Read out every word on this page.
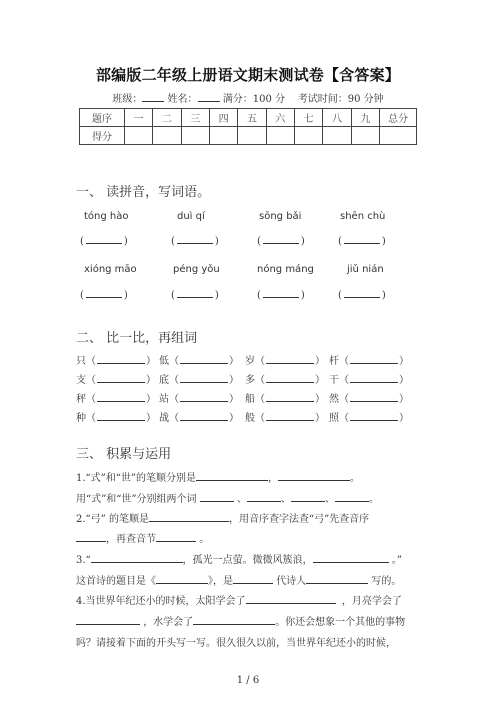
部编版二年级上册语文期末测试卷【含答案】
班级：	姓名：	满分：100 分 考试时间：90 分钟
题序	一	二	三	四	五	六	七	八	九	总分
得分										
一、 读拼音，写词语。
tóng hào	duì qí	sōng bǎi	shēn chù
(	)	(	)	(	)	(	)
xióng māo	péng yǒu	nóng máng	jiǔ nián
(	)	(	)	(	)	(	)
二、 比一比，再组词
只（	） 低（	） 岁（	） 杆（	）
支（	） 底（	） 多（	） 干（	）
秤（	） 站（	） 船（	） 然（	）
种（	） 战（	） 般（	） 照（	）
三、 积累与运用
1.“式”和“世”的笔顺分别是	，	。
用“式”和“世”分别组两个词	、	、	、	。
2.“弓” 的笔顺是	，用音序查字法查“弓”先查音序
，再查音节	。
3.“	，孤光一点萤。微微风簇浪，	。”
这首诗的题目是《	》，是	代诗人	写的。
4.当世界年纪还小的时候，太阳学会了	，月亮学会了
，水学会了	。你还会想象一个其他的事物
吗？请接着下面的开头写一写。很久很久以前，当世界年纪还小的时候，
1 / 6
